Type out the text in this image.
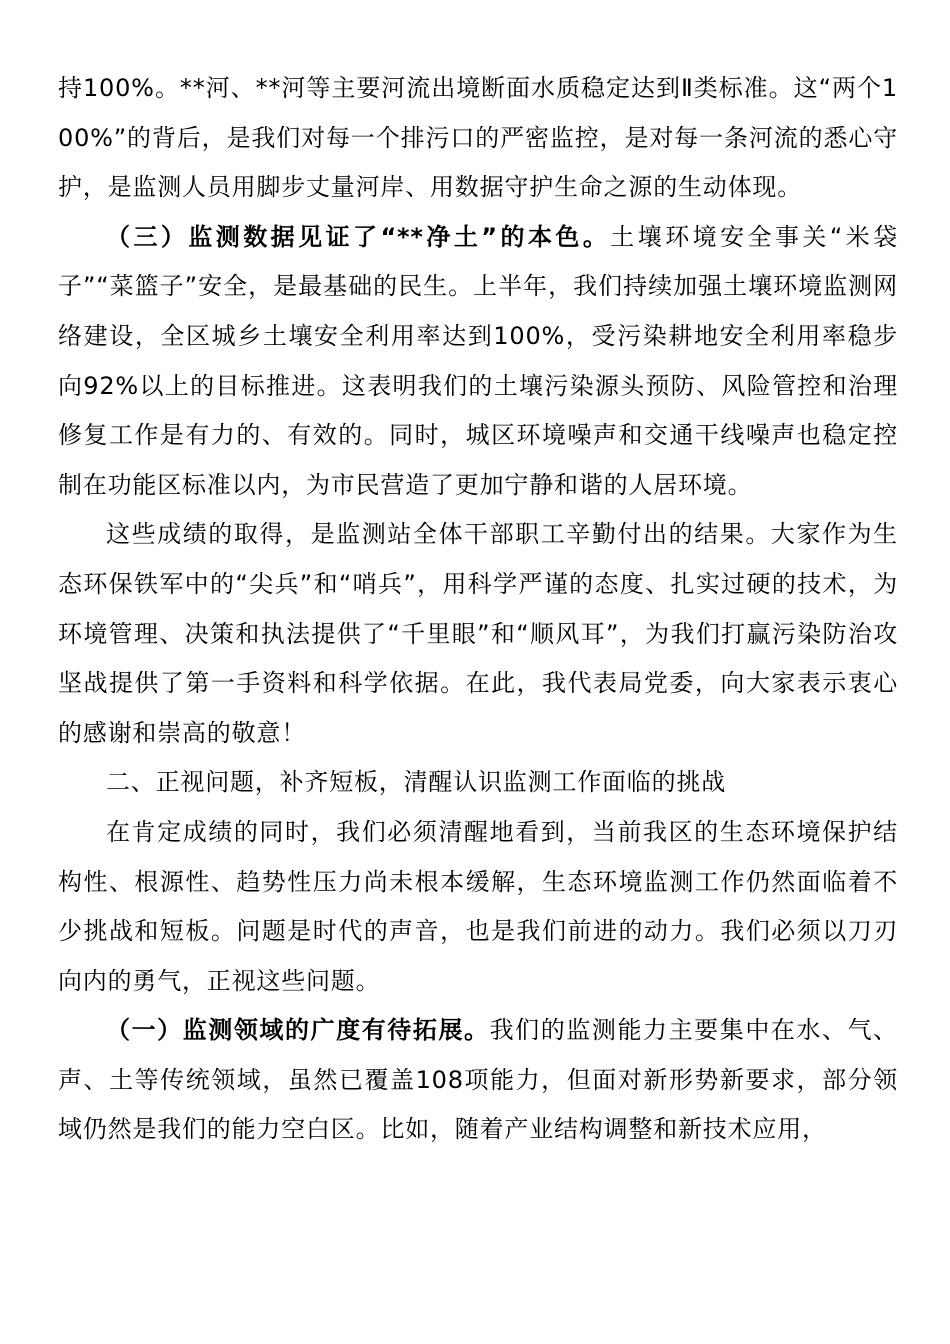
持100%。**河、**河等主要河流出境断面水质稳定达到Ⅱ类标准。这“两个100%”的背后，是我们对每一个排污口的严密监控，是对每一条河流的悉心守护，是监测人员用脚步丈量河岸、用数据守护生命之源的生动体现。

（三）监测数据见证了“**净土”的本色。土壤环境安全事关“米袋子”“菜篮子”安全，是最基础的民生。上半年，我们持续加强土壤环境监测网络建设，全区城乡土壤安全利用率达到100%，受污染耕地安全利用率稳步向92%以上的目标推进。这表明我们的土壤污染源头预防、风险管控和治理修复工作是有力的、有效的。同时，城区环境噪声和交通干线噪声也稳定控制在功能区标准以内，为市民营造了更加宁静和谐的人居环境。

这些成绩的取得，是监测站全体干部职工辛勤付出的结果。大家作为生态环保铁军中的“尖兵”和“哨兵”，用科学严谨的态度、扎实过硬的技术，为环境管理、决策和执法提供了“千里眼”和“顺风耳”，为我们打赢污染防治攻坚战提供了第一手资料和科学依据。在此，我代表局党委，向大家表示衷心的感谢和崇高的敬意！

二、正视问题，补齐短板，清醒认识监测工作面临的挑战

在肯定成绩的同时，我们必须清醒地看到，当前我区的生态环境保护结构性、根源性、趋势性压力尚未根本缓解，生态环境监测工作仍然面临着不少挑战和短板。问题是时代的声音，也是我们前进的动力。我们必须以刀刃向内的勇气，正视这些问题。

（一）监测领域的广度有待拓展。我们的监测能力主要集中在水、气、声、土等传统领域，虽然已覆盖108项能力，但面对新形势新要求，部分领域仍然是我们的能力空白区。比如，随着产业结构调整和新技术应用，
